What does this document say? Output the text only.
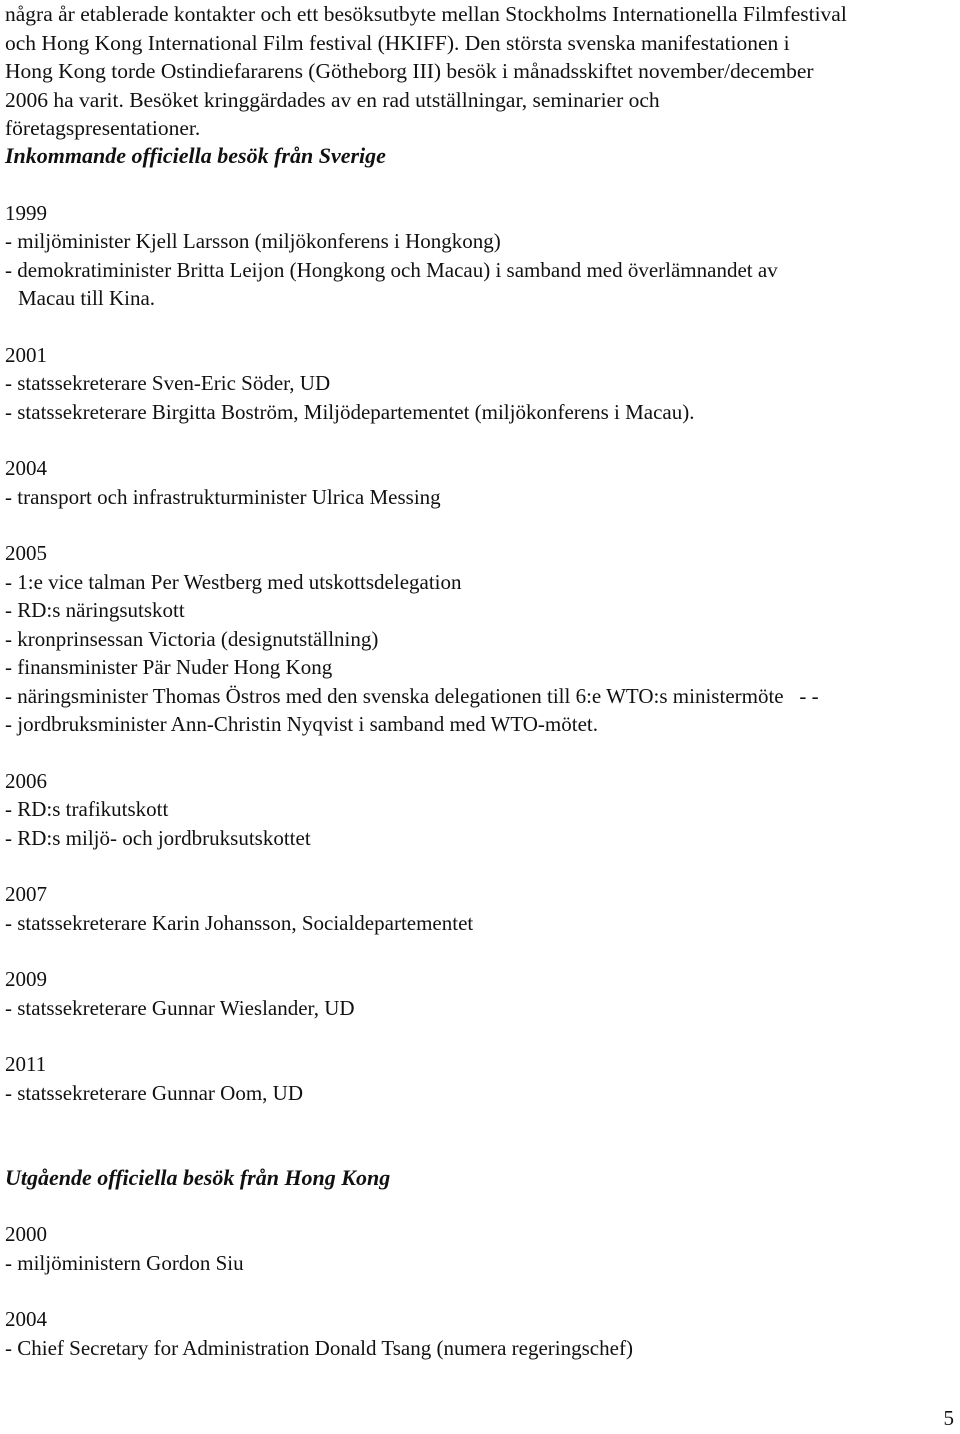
några år etablerade kontakter och ett besöksutbyte mellan Stockholms Internationella Filmfestival
och Hong Kong International Film festival (HKIFF). Den största svenska manifestationen i
Hong Kong torde Ostindiefararens (Götheborg III) besök i månadsskiftet november/december
2006 ha varit. Besöket kringgärdades av en rad utställningar, seminarier och
företagspresentationer.

Inkommande officiella besök från Sverige
1999
- miljöminister Kjell Larsson (miljökonferens i Hongkong)
- demokratiminister Britta Leijon (Hongkong och Macau) i samband med överlämnandet av
Macau till Kina.
2001
- statssekreterare Sven-Eric Söder, UD
- statssekreterare Birgitta Boström, Miljödepartementet (miljökonferens i Macau).
2004
- transport och infrastrukturminister Ulrica Messing
2005
- 1:e vice talman Per Westberg med utskottsdelegation
- RD:s näringsutskott
- kronprinsessan Victoria (designutställning)
- finansminister Pär Nuder Hong Kong
- näringsminister Thomas Östros med den svenska delegationen till 6:e WTO:s ministermöte   - -
- jordbruksminister Ann-Christin Nyqvist i samband med WTO-mötet.
2006
- RD:s trafikutskott
- RD:s miljö- och jordbruksutskottet
2007
- statssekreterare Karin Johansson, Socialdepartementet
2009
- statssekreterare Gunnar Wieslander, UD
2011
- statssekreterare Gunnar Oom, UD
Utgående officiella besök från Hong Kong
2000
- miljöministern Gordon Siu
2004
- Chief Secretary for Administration Donald Tsang (numera regeringschef)
5
